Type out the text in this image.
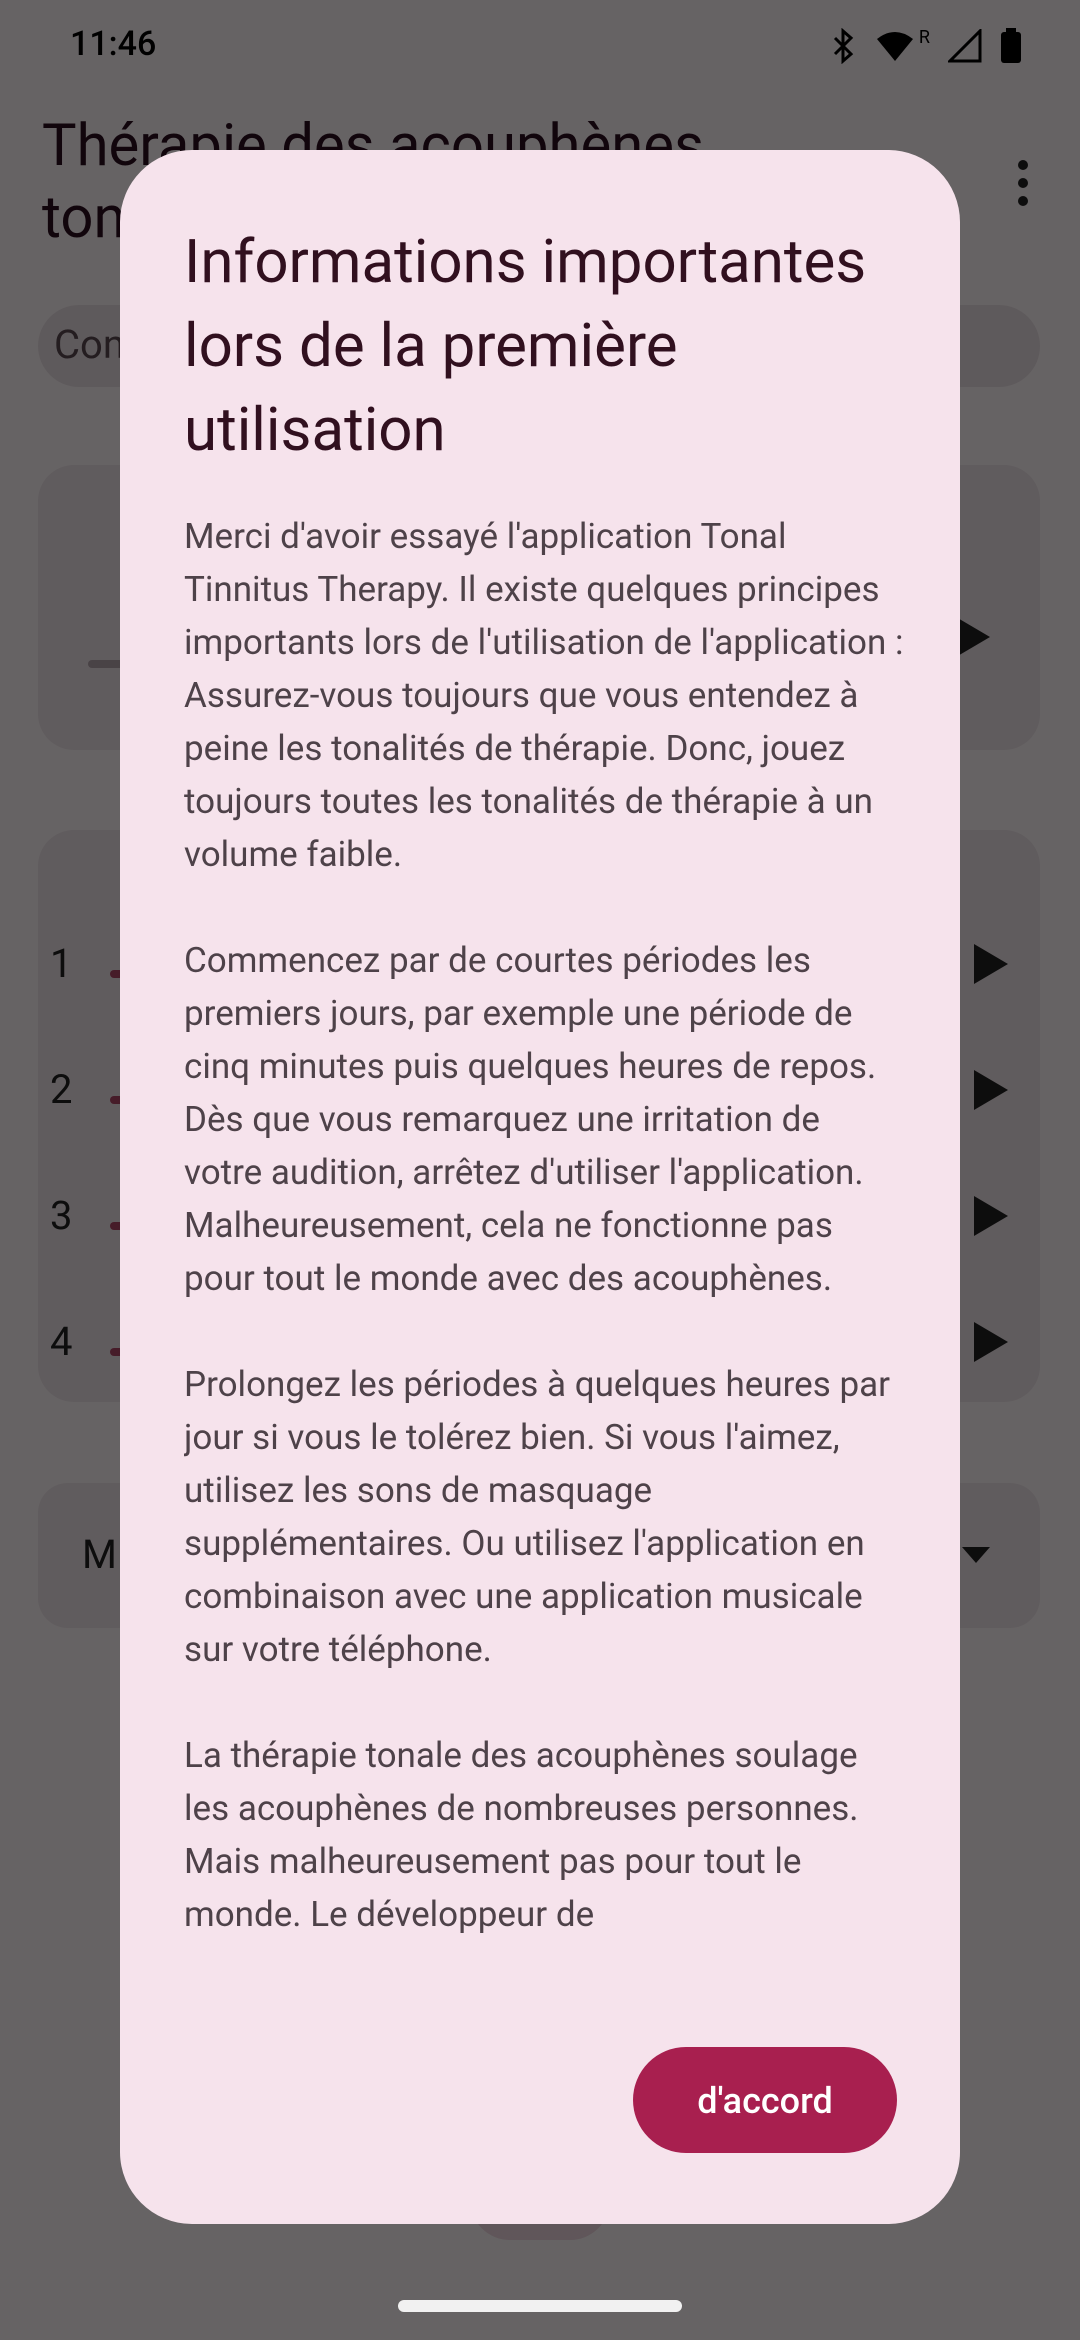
Informations importantes lors de la première utilisation

Merci d'avoir essayé l'application Tonal Tinnitus Therapy. Il existe quelques principes importants lors de l'utilisation de l'application : Assurez-vous toujours que vous entendez à peine les tonalités de thérapie. Donc, jouez toujours toutes les tonalités de thérapie à un volume faible.

Commencez par de courtes périodes les premiers jours, par exemple une période de cinq minutes puis quelques heures de repos. Dès que vous remarquez une irritation de votre audition, arrêtez d'utiliser l'application. Malheureusement, cela ne fonctionne pas pour tout le monde avec des acouphènes.

Prolongez les périodes à quelques heures par jour si vous le tolérez bien. Si vous l'aimez, utilisez les sons de masquage supplémentaires. Ou utilisez l'application en combinaison avec une application musicale sur votre téléphone.

La thérapie tonale des acouphènes soulage les acouphènes de nombreuses personnes. Mais malheureusement pas pour tout le monde. Le développeur de

d'accord
